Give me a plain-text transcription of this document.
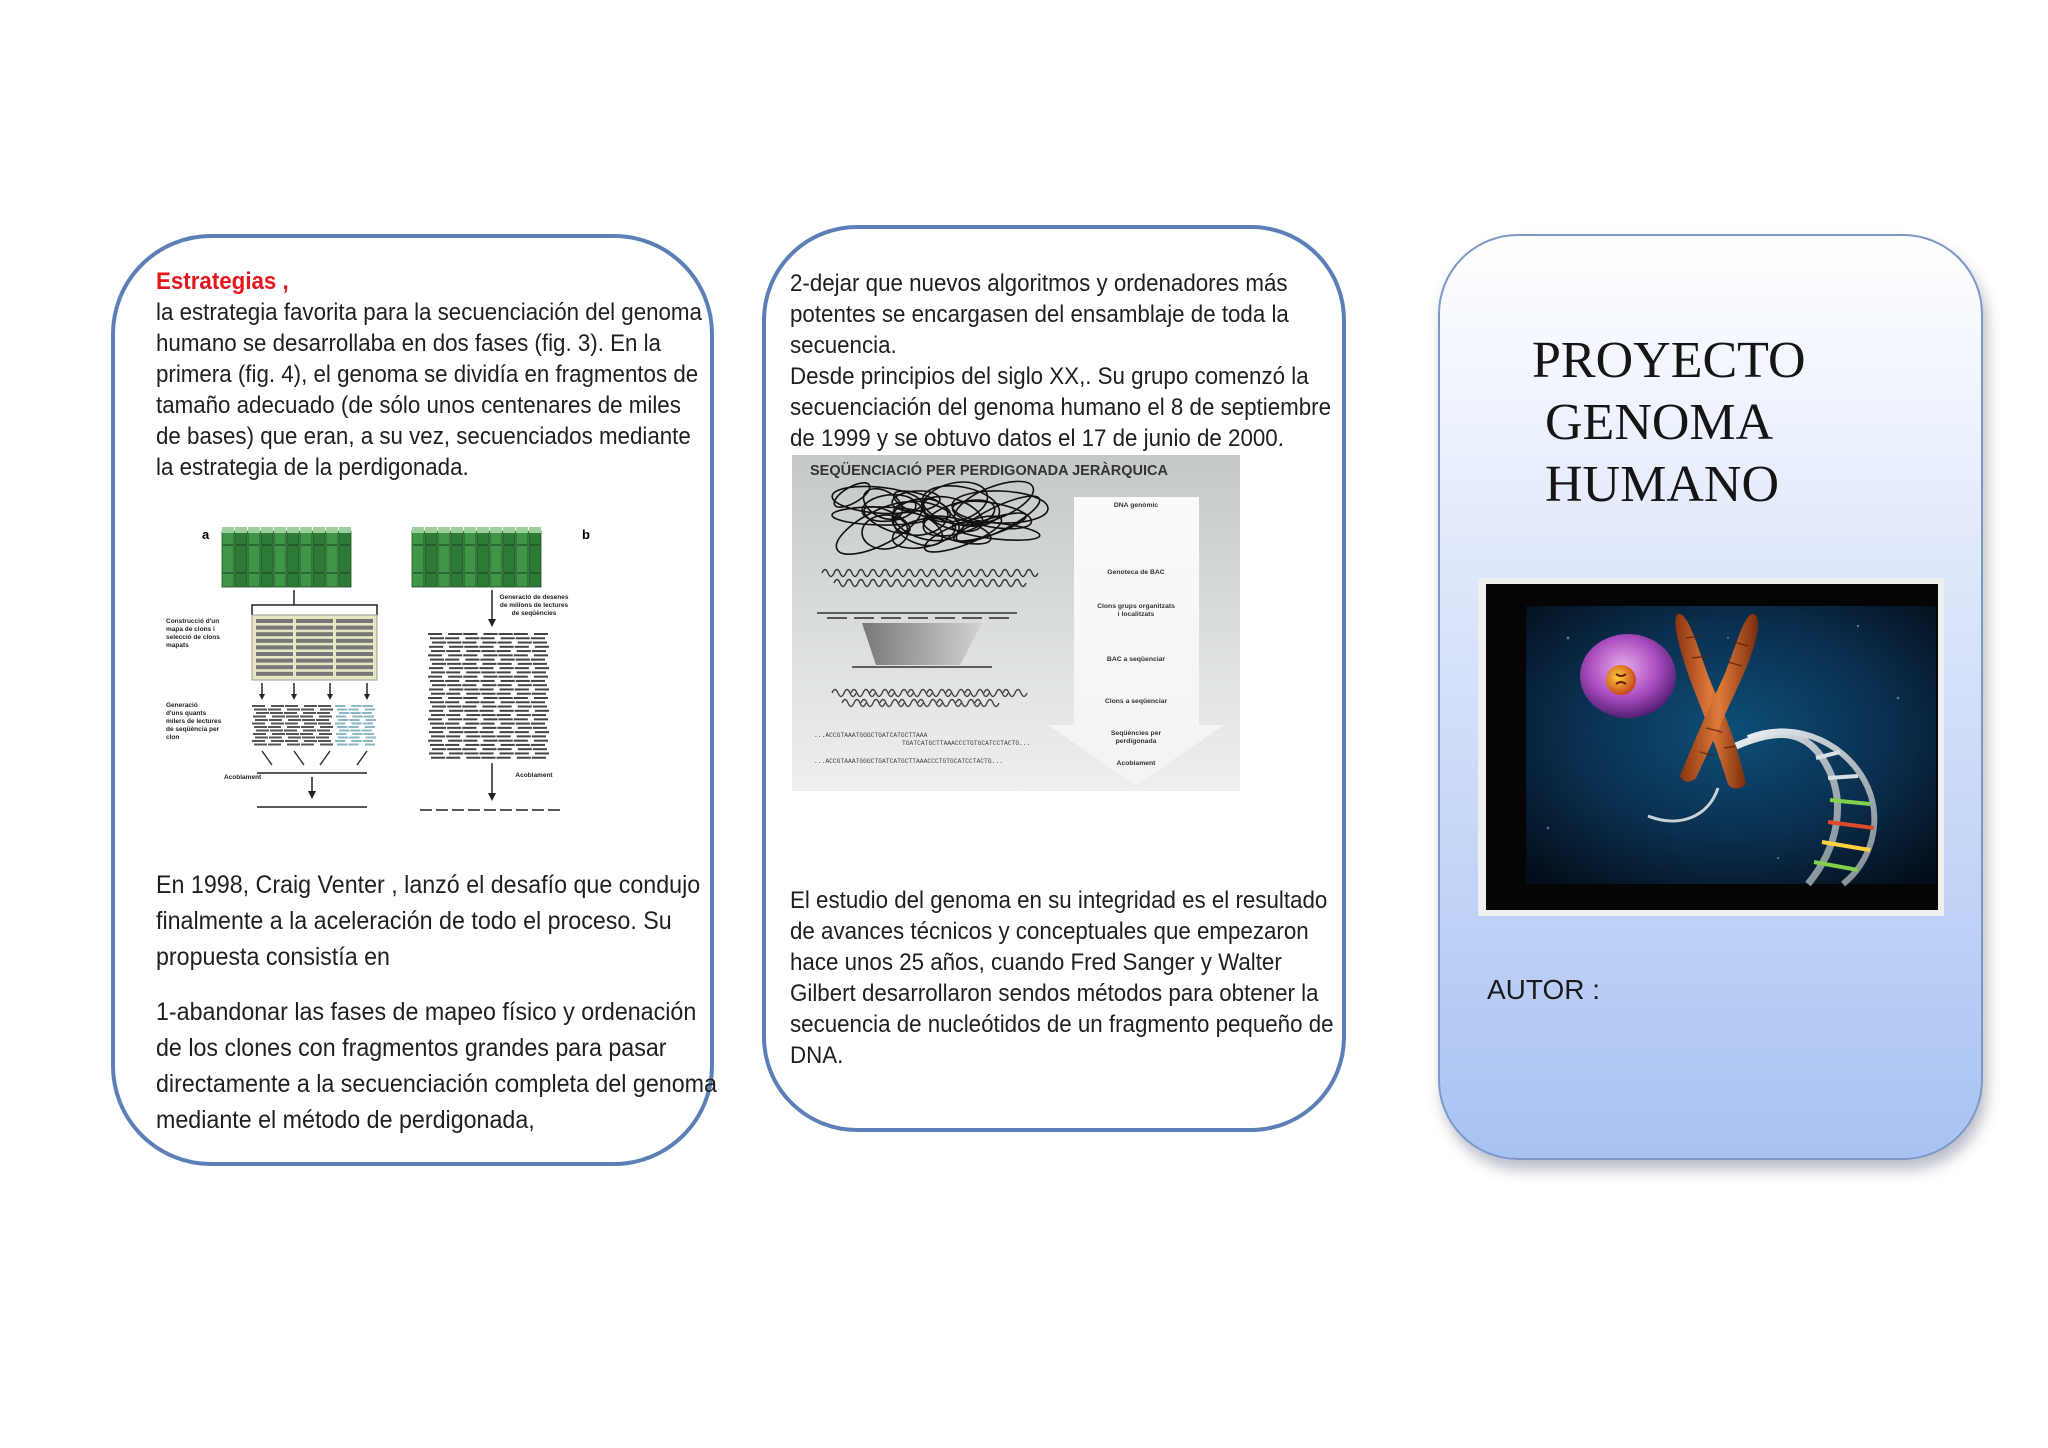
Estrategias ,

la estrategia favorita para la secuenciación del genoma
humano se desarrollaba en dos fases (fig. 3). En la
primera (fig. 4), el genoma se dividía en fragmentos de
tamaño adecuado (de sólo unos centenares de miles
de bases) que eran, a su vez, secuenciados mediante
la estrategia de la perdigonada.

a	b
Construcció d'un mapa de clons i selecció de clons mapats
Generació d'uns quants milers de lectures de seqüència per clon
Generació de desenes de milions de lectures de seqüències
Acoblament	Acoblament

En 1998, Craig Venter , lanzó el desafío que condujo
finalmente a la aceleración de todo el proceso. Su
propuesta consistía en

1-abandonar las fases de mapeo físico y ordenación
de los clones con fragmentos grandes para pasar
directamente a la secuenciación completa del genoma
mediante el método de perdigonada,

2-dejar que nuevos algoritmos y ordenadores más
potentes se encargasen del ensamblaje de toda la
secuencia.
Desde principios del siglo XX,. Su grupo comenzó la
secuenciación del genoma humano el 8 de septiembre
de 1999 y se obtuvo datos el 17 de junio de 2000.

SEQÜENCIACIÓ PER PERDIGONADA JERÀRQUICA
...ACCGTAAATGGGCTGATCATGCTTAAA
TGATCATGCTTAAACCCTGTGCATCCTACTG...
...ACCGTAAATGGGCTGATCATGCTTAAACCCTGTGCATCCTACTG...
DNA genòmic
Genoteca de BAC
Clons grups organitzats i localitzats
BAC a seqüenciar
Clons a seqüenciar
Seqüències per perdigonada
Acoblament

El estudio del genoma en su integridad es el resultado
de avances técnicos y conceptuales que empezaron
hace unos 25 años, cuando Fred Sanger y Walter
Gilbert desarrollaron sendos métodos para obtener la
secuencia de nucleótidos de un fragmento pequeño de
DNA.

PROYECTO
GENOMA
HUMANO
AUTOR :
